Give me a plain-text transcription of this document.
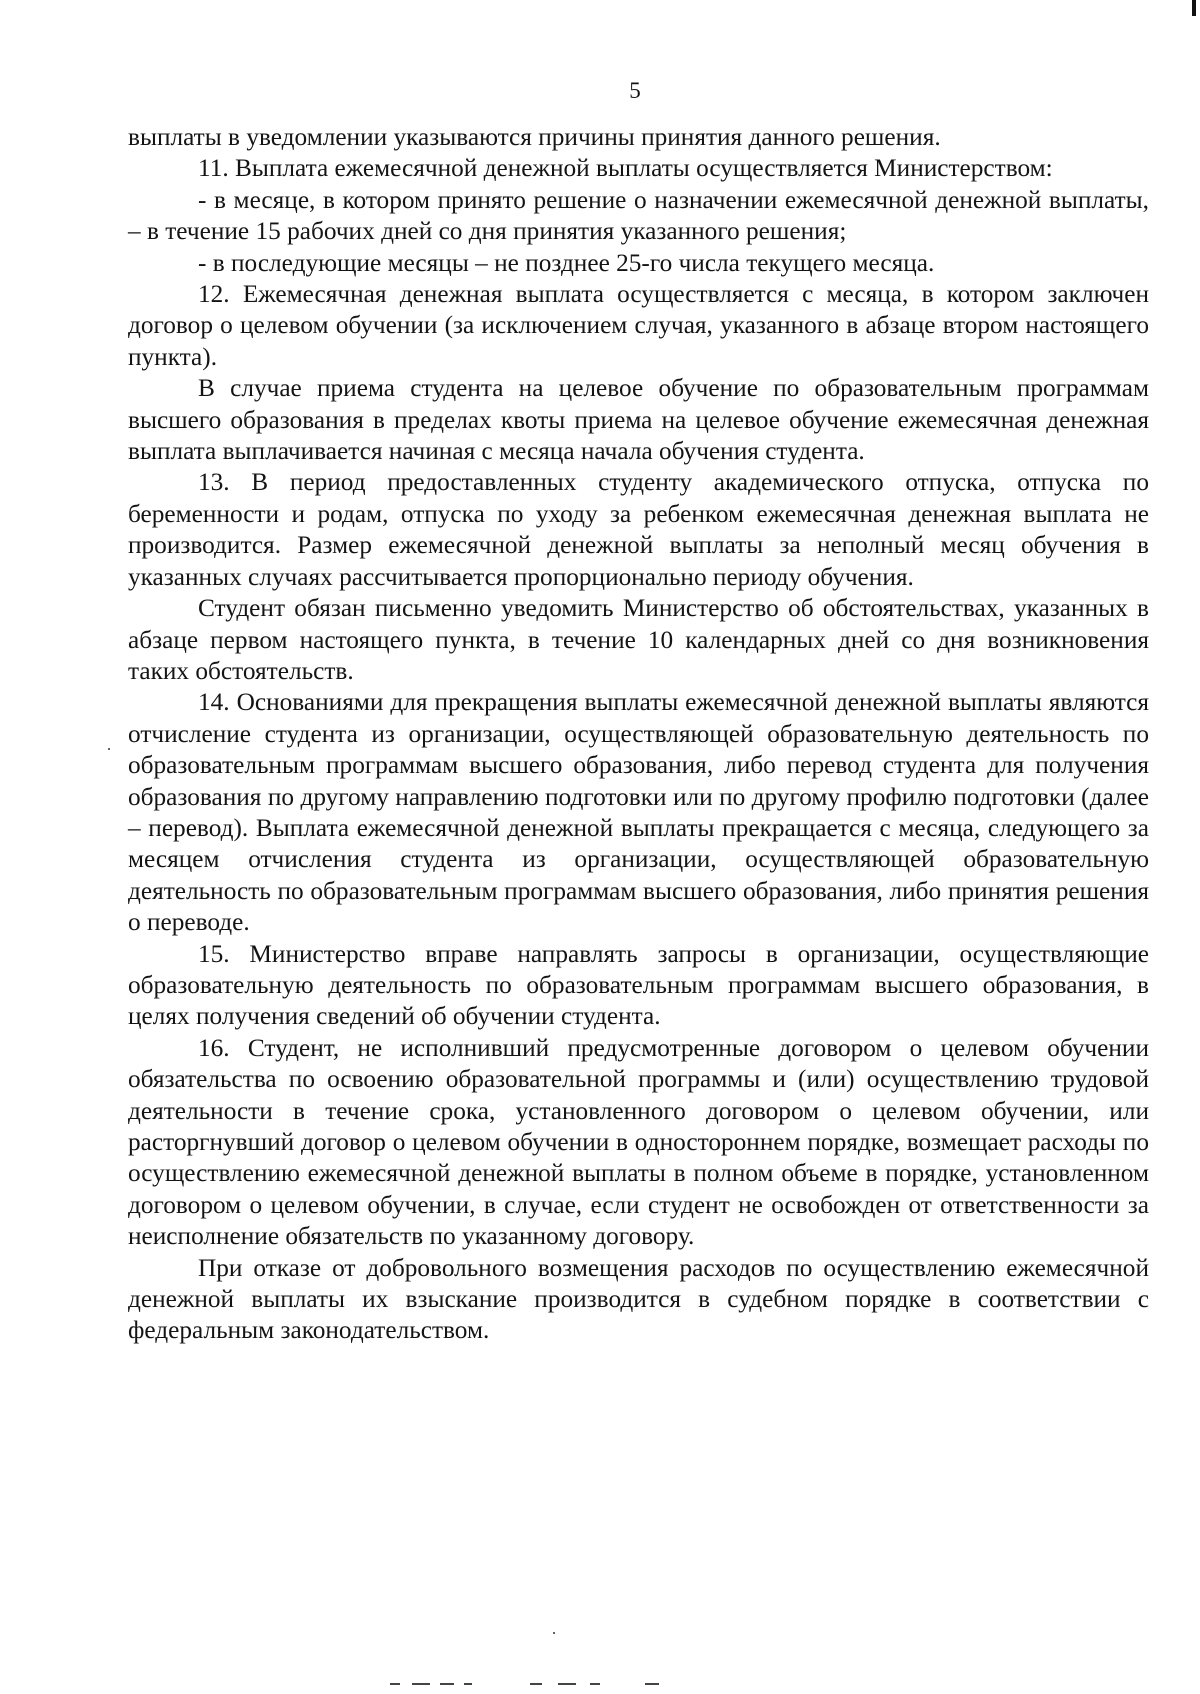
5

выплаты в уведомлении указываются причины принятия данного решения.

11. Выплата ежемесячной денежной выплаты осуществляется Министерством:

- в месяце, в котором принято решение о назначении ежемесячной денежной выплаты, – в течение 15 рабочих дней со дня принятия указанного решения;

- в последующие месяцы – не позднее 25-го числа текущего месяца.

12. Ежемесячная денежная выплата осуществляется с месяца, в котором заключен договор о целевом обучении (за исключением случая, указанного в абзаце втором настоящего пункта).

В случае приема студента на целевое обучение по образовательным программам высшего образования в пределах квоты приема на целевое обучение ежемесячная денежная выплата выплачивается начиная с месяца начала обучения студента.

13. В период предоставленных студенту академического отпуска, отпуска по беременности и родам, отпуска по уходу за ребенком ежемесячная денежная выплата не производится. Размер ежемесячной денежной выплаты за неполный месяц обучения в указанных случаях рассчитывается пропорционально периоду обучения.

Студент обязан письменно уведомить Министерство об обстоятельствах, указанных в абзаце первом настоящего пункта, в течение 10 календарных дней со дня возникновения таких обстоятельств.

14. Основаниями для прекращения выплаты ежемесячной денежной выплаты являются отчисление студента из организации, осуществляющей образовательную деятельность по образовательным программам высшего образования, либо перевод студента для получения образования по другому направлению подготовки или по другому профилю подготовки (далее – перевод). Выплата ежемесячной денежной выплаты прекращается с месяца, следующего за месяцем отчисления студента из организации, осуществляющей образовательную деятельность по образовательным программам высшего образования, либо принятия решения о переводе.

15. Министерство вправе направлять запросы в организации, осуществляющие образовательную деятельность по образовательным программам высшего образования, в целях получения сведений об обучении студента.

16. Студент, не исполнивший предусмотренные договором о целевом обучении обязательства по освоению образовательной программы и (или) осуществлению трудовой деятельности в течение срока, установленного договором о целевом обучении, или расторгнувший договор о целевом обучении в одностороннем порядке, возмещает расходы по осуществлению ежемесячной денежной выплаты в полном объеме в порядке, установленном договором о целевом обучении, в случае, если студент не освобожден от ответственности за неисполнение обязательств по указанному договору.

При отказе от добровольного возмещения расходов по осуществлению ежемесячной денежной выплаты их взыскание производится в судебном порядке в соответствии с федеральным законодательством.
